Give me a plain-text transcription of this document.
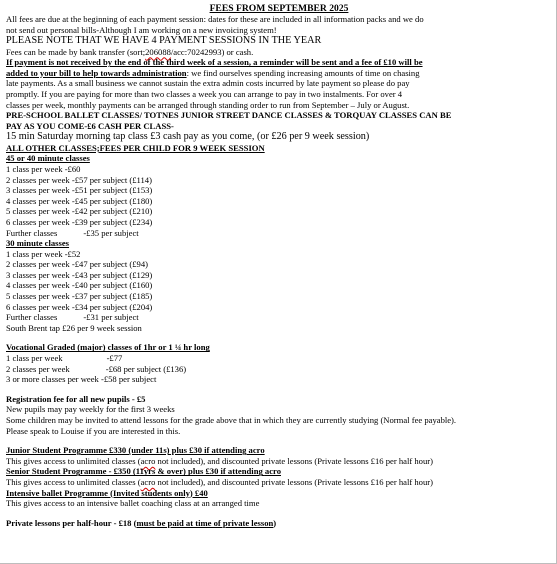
FEES FROM SEPTEMBER 2025
All fees are due at the beginning of each payment session: dates for these are included in all information packs and we do
not send out personal bills-Although I am working on a new invoicing system!
PLEASE NOTE THAT WE HAVE 4 PAYMENT SESSIONS IN THE YEAR
Fees can be made by bank transfer (sort;206088/acc:70242993) or cash.
If payment is not received by the end of the third week of a session, a reminder will be sent and a fee of £10 will be
added to your bill to help towards administration: we find ourselves spending increasing amounts of time on chasing
late payments. As a small business we cannot sustain the extra admin costs incurred by late payment so please do pay
promptly. If you are paying for more than two classes a week you can arrange to pay in two instalments. For over 4
classes per week, monthly payments can be arranged through standing order to run from September – July or August.
PRE-SCHOOL BALLET CLASSES/ TOTNES JUNIOR STREET DANCE CLASSES & TORQUAY CLASSES CAN BE
PAY AS YOU COME-£6 CASH PER CLASS-
15 min Saturday morning tap class £3 cash pay as you come, (or £26 per 9 week session)
ALL OTHER CLASSES;FEES PER CHILD FOR 9 WEEK SESSION
45 or 40 minute classes
1 class per week -£60
2 classes per week -£57 per subject (£114)
3 classes per week -£51 per subject (£153)
4 classes per week -£45 per subject (£180)
5 classes per week -£42 per subject (£210)
6 classes per week -£39 per subject (£234)
Further classes	-£35 per subject
30 minute classes
1 class per week -£52
2 classes per week -£47 per subject (£94)
3 classes per week -£43 per subject (£129)
4 classes per week -£40 per subject (£160)
5 classes per week -£37 per subject (£185)
6 classes per week -£34 per subject (£204)
Further classes	-£31 per subject
South Brent tap £26 per 9 week session
Vocational Graded (major) classes of 1hr or 1 ¼ hr long
1 class per week	-£77
2 classes per week	-£68 per subject (£136)
3 or more classes per week -£58 per subject
Registration fee for all new pupils - £5
New pupils may pay weekly for the first 3 weeks
Some children may be invited to attend lessons for the grade above that in which they are currently studying (Normal fee payable).
Please speak to Louise if you are interested in this.
Junior Student Programme £330 (under 11s) plus £30 if attending acro
This gives access to unlimited classes (acro not included), and discounted private lessons (Private lessons £16 per half hour)
Senior Student Programme - £350 (11yrs & over) plus £30 if attending acro
This gives access to unlimited classes (acro not included), and discounted private lessons (Private lessons £16 per half hour)
Intensive ballet Programme (Invited students only) £40
This gives access to an intensive ballet coaching class at an arranged time
Private lessons per half-hour - £18 (must be paid at time of private lesson)
